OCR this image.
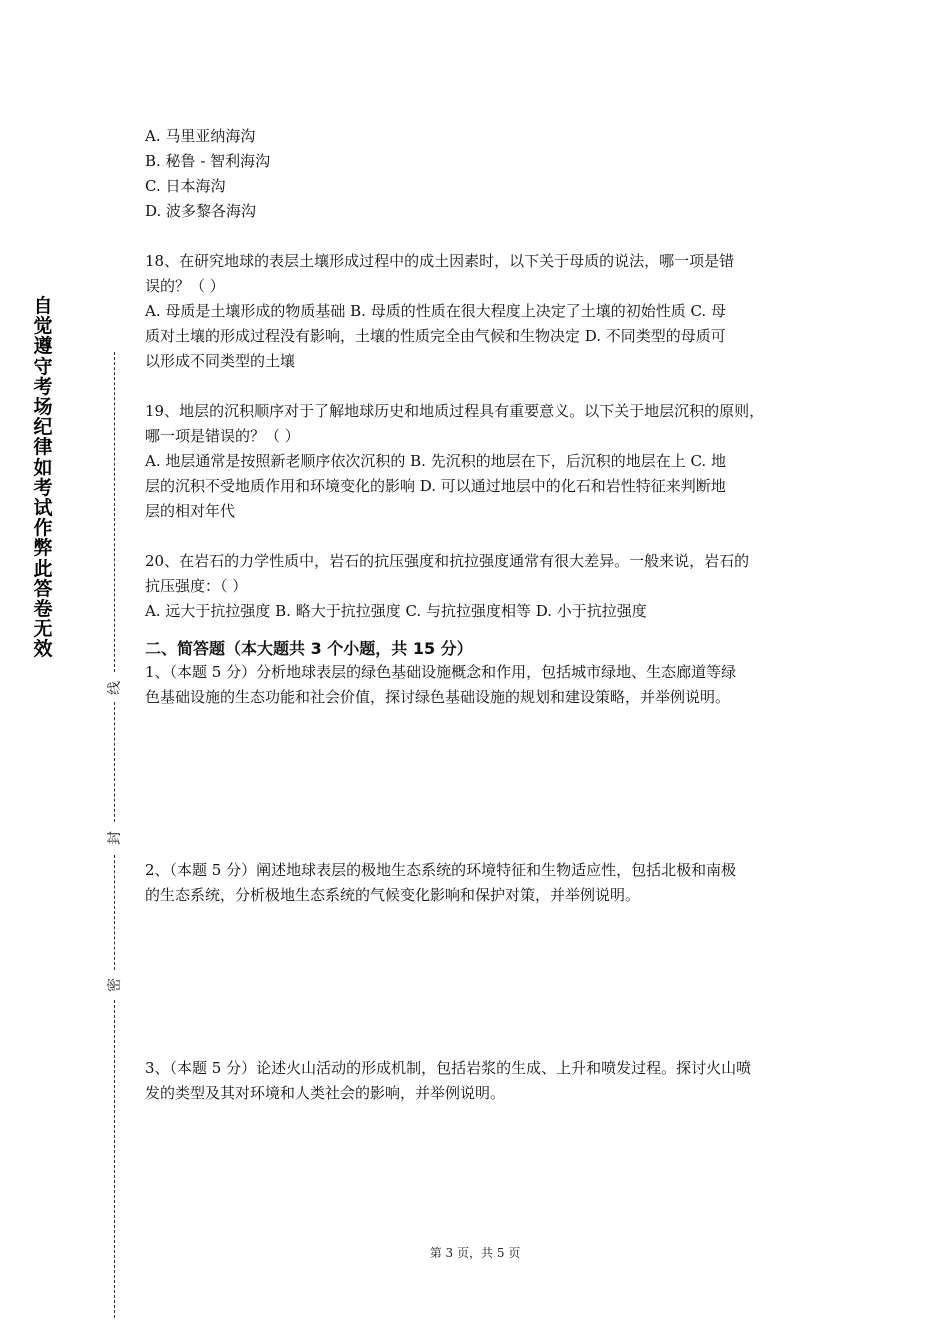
自觉遵守考场纪律如考试作弊此答卷无效
线
封
密
A. 马里亚纳海沟
B. 秘鲁 - 智利海沟
C. 日本海沟
D. 波多黎各海沟
18、在研究地球的表层土壤形成过程中的成土因素时，以下关于母质的说法，哪一项是错
误的？（ ）
A. 母质是土壤形成的物质基础 B. 母质的性质在很大程度上决定了土壤的初始性质 C. 母
质对土壤的形成过程没有影响，土壤的性质完全由气候和生物决定 D. 不同类型的母质可
以形成不同类型的土壤
19、地层的沉积顺序对于了解地球历史和地质过程具有重要意义。以下关于地层沉积的原则，
哪一项是错误的？（ ）
A. 地层通常是按照新老顺序依次沉积的 B. 先沉积的地层在下，后沉积的地层在上 C. 地
层的沉积不受地质作用和环境变化的影响 D. 可以通过地层中的化石和岩性特征来判断地
层的相对年代
20、在岩石的力学性质中，岩石的抗压强度和抗拉强度通常有很大差异。一般来说，岩石的
抗压强度：（ ）
A. 远大于抗拉强度 B. 略大于抗拉强度 C. 与抗拉强度相等 D. 小于抗拉强度
二、简答题（本大题共 3 个小题，共 15 分）
1、（本题 5 分）分析地球表层的绿色基础设施概念和作用，包括城市绿地、生态廊道等绿
色基础设施的生态功能和社会价值，探讨绿色基础设施的规划和建设策略，并举例说明。
2、（本题 5 分）阐述地球表层的极地生态系统的环境特征和生物适应性，包括北极和南极
的生态系统，分析极地生态系统的气候变化影响和保护对策，并举例说明。
3、（本题 5 分）论述火山活动的形成机制，包括岩浆的生成、上升和喷发过程。探讨火山喷
发的类型及其对环境和人类社会的影响，并举例说明。
第 3 页，共 5 页
